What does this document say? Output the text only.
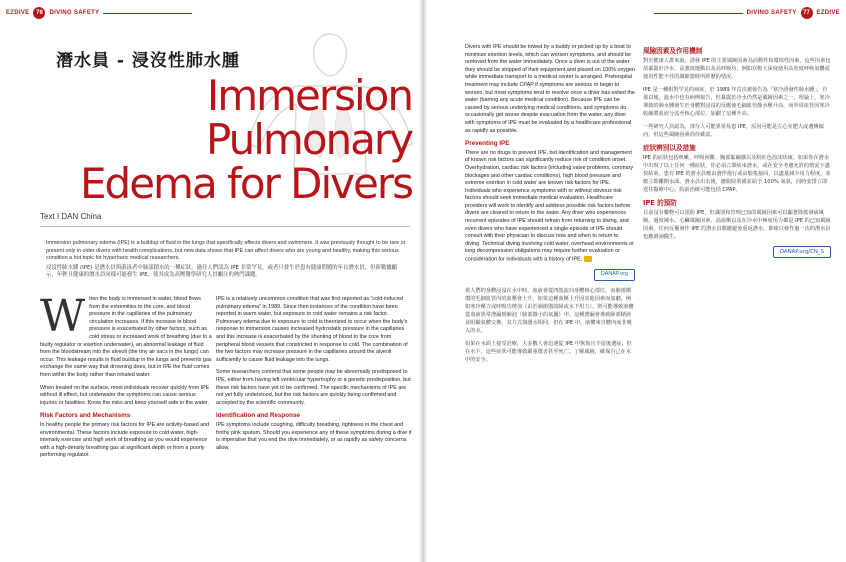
EZDIVE	76	DIVING SAFETY
潛水員 - 浸沒性肺水腫
Immersion Pulmonary
Edema for Divers
Text I DAN China

Immersion pulmonary edema (IPE) is a buildup of fluid in the lungs that specifically affects divers and swimmers. It was previously thought to be rare or present only in older divers with health complications, but new data shows that IPE can affect divers who are young and healthy, making this serious condition a hot topic for hyperbaric medical researchers.

浸沒性肺水腫 (IPE) 是潛水員與游泳者中肺部積水的一種症狀。過往人們認為 IPE 非常罕見，或者只發生於患有健康問題的年長潛水員，但新數據顯示，年輕且健康的潛水員同樣可能發生 IPE，使其成為高壓醫學研究人員關注的熱門課題。

W hen the body is immersed in water, blood flows from the extremities to the core, and blood pressure in the capillaries of the pulmonary circulation increases. If this increase in blood pressure is exacerbated by other factors, such as cold stress or increased work of breathing (due to a faulty regulator or exertion underwater), an abnormal leakage of fluid from the bloodstream into the alveoli (the tiny air sacs in the lungs) can occur. This leakage results in fluid buildup in the lungs and prevents gas exchange the same way that drowning does, but in IPE the fluid comes from within the body rather than inhaled water.

When treated on the surface, most individuals recover quickly from IPE without ill effect, but underwater the symptoms can cause serious injuries or fatalities. Know the risks and keep yourself safe in the water.

Risk Factors and Mechanisms

In healthy people the primary risk factors for IPE are activity-based and environmental. These factors include exposure to cold water, high-intensity exercise and high work of breathing as you would experience with a high-density breathing gas at significant depth or from a poorly performing regulator.

IPE is a relatively uncommon condition that was first reported as “cold-induced pulmonary edema” in 1989. Since then instances of the condition have been reported in warm water, but exposure to cold water remains a risk factor. Pulmonary edema due to exposure to cold is theorized to occur when the body’s response to immersion causes increased hydrostatic pressure in the capillaries and this increase is exacerbated by the shunting of blood to the core from peripheral blood vessels that constricted in response to cold. The combination of the two factors may increase pressure in the capillaries around the alveoli sufficiently to cause fluid leakage into the lungs.

Some researchers contend that some people may be abnormally predisposed to IPE, either from having left ventricular hypertrophy or a genetic predisposition, but these risk factors have yet to be confirmed. The specific mechanisms of IPE are not yet fully understood, but the risk factors are quickly being confirmed and accepted by the scientific community.

Identification and Response

IPE symptoms include coughing, difficulty breathing, tightness in the chest and frothy pink sputum. Should you experience any of these symptoms during a dive it is imperative that you end the dive immediately, or as rapidly as safety concerns allow.

DIVING SAFETY	77	EZDIVE

Divers with IPE should be towed by a buddy or picked up by a boat to minimize exertion levels, which can worsen symptoms, and should be removed from the water immediately. Once a diver is out of the water they should be stripped of their equipment and placed on 100% oxygen while immediate transport to a medical center is arranged. Prehospital treatment may include CPAP if symptoms are serious or begin to worsen, but most symptoms tend to resolve once a diver has exited the water (barring any acute medical condition). Because IPE can be caused by serious underlying medical conditions, and symptoms do occasionally get worse despite evacuation from the water, any diver with symptoms of IPE must be evaluated by a healthcare professional as rapidly as possible.

Preventing IPE

There are no drugs to prevent IPE, but identification and management of known risk factors can significantly reduce risk of condition onset. Overhydration, cardiac risk factors (including valve problems, coronary blockages and other cardiac conditions), high blood pressure and extreme exertion in cold water are known risk factors for IPE. Individuals who experience symptoms with or without obvious risk factors should seek immediate medical evaluation. Healthcare providers will work to identify and address possible risk factors before divers are cleared to return to the water. Any diver who experiences recurrent episodes of IPE should refrain from returning to diving, and even divers who have experienced a single episode of IPE should consult with their physician to discuss how and when to return to diving. Technical diving involving cold water, overhead environments or long decompression obligations may require further evaluation or consideration for individuals with a history of IPE.

DANAP.org

當人們的身體浸沒在水中時，血液會從四肢流向身體核心部位，而肺部循環的毛細血管內的血壓會上升。如果這種血壓上升因其他因素而加劇，例如寒冷壓力或呼吸功增加（由於調節器故障或水下用力），則可能導致液體從血液異常滲漏到肺泡（肺部微小的氣囊）中。這種滲漏會導致肺部積液並阻礙氣體交換，其方式與溺水相同，但在 IPE 中，液體來自體內而非吸入的水。

如果在水面上接受治療，大多數人會迅速從 IPE 中恢復且不留後遺症，但在水下，這些症狀可能導致嚴重傷害甚至死亡。了解風險，確保自己在水中的安全。

風險因素及作用機制

對於健康人群來說，誘發 IPE 的主要風險因素為活動性和環境性因素。這些因素包括暴露於冷水、高強度運動以及高呼吸功，例如在較大深度使用高密度呼吸氣體或使用性能不佳的調節器時所經歷的情況。

IPE 是一種相對罕見的病症，於 1989 年首次被報告為「寒冷誘發性肺水腫」。自那以後，溫水中也有病例報告，但暴露於冷水仍然是風險因素之一。理論上，寒冷導致的肺水腫發生於身體對浸沒的反應使毛細血管靜水壓升高，而外周血管因寒冷收縮將血液分流至核心部位，加劇了這種升高。

一些研究人員認為，部分人可能異常易患 IPE，原因可能是左心室肥大或遺傳傾向，但這些風險因素尚待確認。

症狀辨別以及措施

IPE 的症狀包括咳嗽、呼吸困難、胸部緊繃感以及粉紅色泡沫狀痰。如果你在潛水中出現了以上任何一種症狀，你必須立即結束潛水，或在安全考慮允許的情況下盡快結束。患有 IPE 的潛水員應由潛伴拖行或由船隻接回，以盡量減少用力程度，並應立即離開水面。潛水員出水後，應脫除裝備並給予 100% 氧氣，同時安排立即送往醫療中心。院前治療可能包括 CPAP。

IPE 的預防

目前沒有藥物可以預防 IPE，但識別和管理已知的風險因素可以顯著降低發病風險。過度補水、心臟風險因素、高血壓以及在冷水中極度用力都是 IPE 的已知風險因素。任何反覆發作 IPE 的潛水員都應避免重返潛水，即使只發作過一次的潛水員也應諮詢醫生。

DANAP.org/CN_S
